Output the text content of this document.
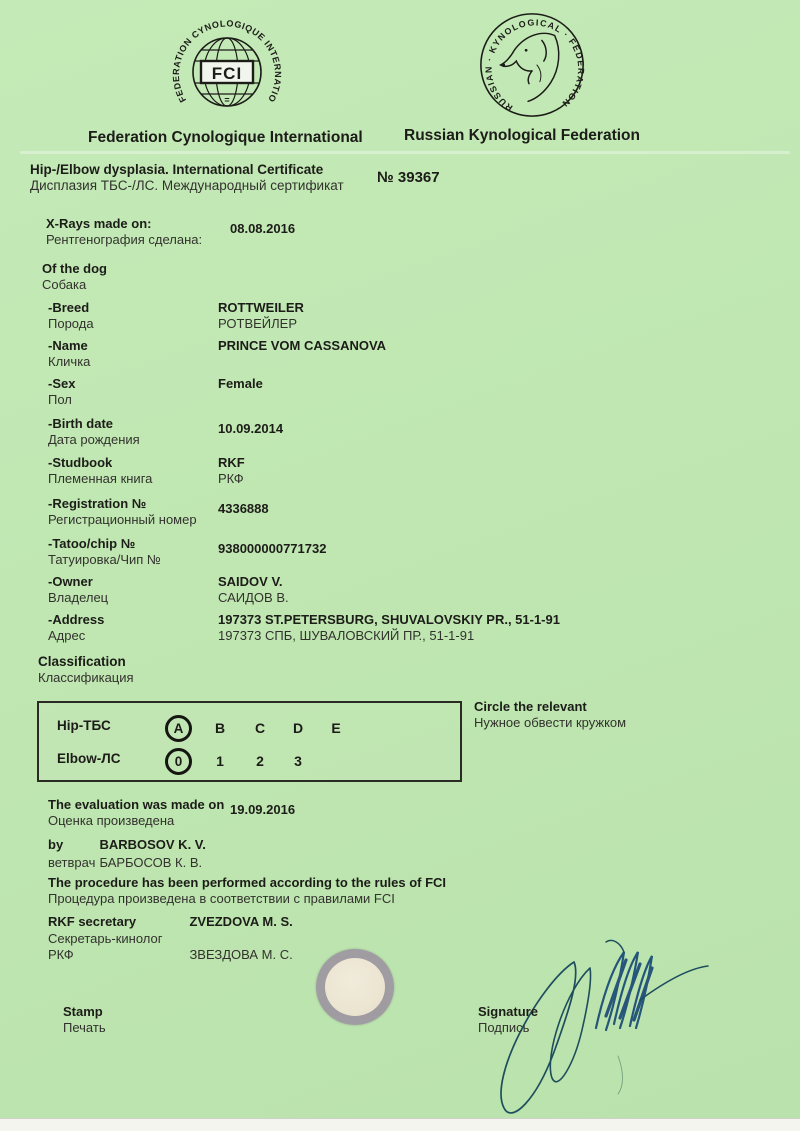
FEDERATION CYNOLOGIQUE INTERNATIONALE
FCI
=
RUSSIAN · KYNOLOGICAL · FEDERATION ·
Federation Cynologique International	Russian Kynological Federation
Hip-/Elbow dysplasia. International Certificate
Дисплазия ТБС-/ЛС. Международный сертификат № 39367
X-Rays made on:
Рентгенография сделана:
08.08.2016
Of the dog
Собака
-Breed
Порода
ROTTWEILER
РОТВЕЙЛЕР
-Name
Кличка
PRINCE VOM CASSANOVA
-Sex
Пол
Female
-Birth date
Дата рождения
10.09.2014
-Studbook
Племенная книга
RKF
РКФ
-Registration №
Регистрационный номер
4336888
-Tatoo/chip №
Татуировка/Чип №
938000000771732
-Owner
Владелец
SAIDOV V.
САИДОВ В.
-Address
Адрес
197373 ST.PETERSBURG, SHUVALOVSKIY PR., 51-1-91
197373 СПБ, ШУВАЛОВСКИЙ ПР., 51-1-91
Classification
Классификация
Hip-ТБС	A	B	C	D	E
Elbow-ЛС	0	1	2	3
Circle the relevant
Нужное обвести кружком
The evaluation was made on
Оценка произведена
19.09.2016
by	BARBOSOV K. V.
ветврач БАРБОСОВ К. В.
The procedure has been performed according to the rules of FCI
Процедура произведена в соответствии с правилами FCI
RKF secretary	ZVEZDOVA M. S.
Секретарь-кинолог РКФ	ЗВЕЗДОВА М. С.
Stamp
Печать
Signature
Подпись
